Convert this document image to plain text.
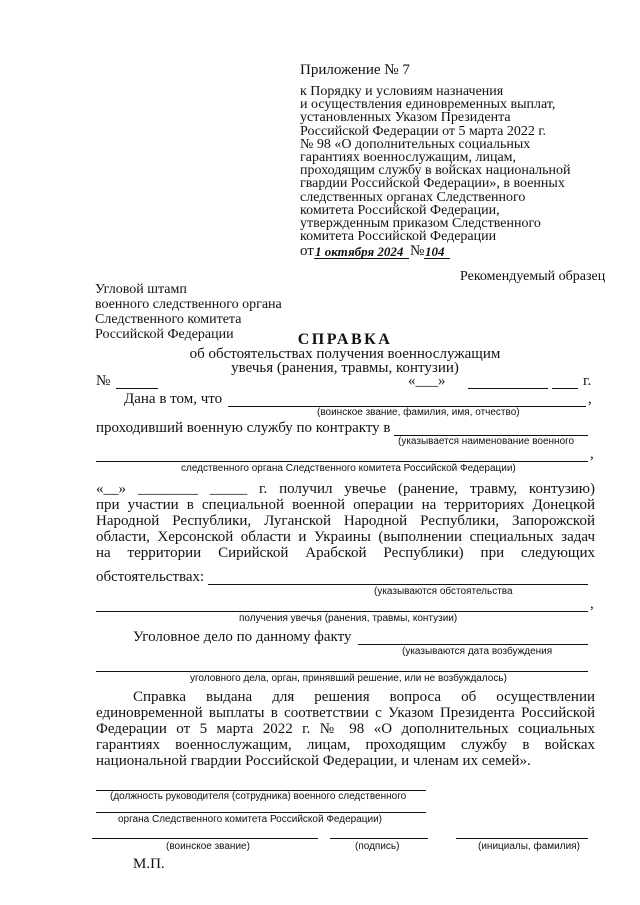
Приложение № 7
к Порядку и условиям назначения
и осуществления единовременных выплат,
установленных Указом Президента
Российской Федерации от 5 марта 2022 г.
№ 98 «О дополнительных социальных
гарантиях военнослужащим, лицам,
проходящим службу в войсках национальной
гвардии Российской Федерации», в военных
следственных органах Следственного
комитета Российской Федерации,
утвержденным приказом Следственного
комитета Российской Федерации
от 1 октября 2024 № 104
Рекомендуемый образец
Угловой штамп
военного следственного органа
Следственного комитета
Российской Федерации	СПРАВКА
об обстоятельствах получения военнослужащим
увечья (ранения, травмы, контузии)
№	«___»	г.
Дана в том, что	,
(воинское звание, фамилия, имя, отчество)
проходивший военную службу по контракту в
(указывается наименование военного
,
следственного органа Следственного комитета Российской Федерации)
«__» ________ _____ г. получил увечье (ранение, травму, контузию)
при участии в специальной военной операции на территориях Донецкой
Народной Республики, Луганской Народной Республики, Запорожской
области, Херсонской области и Украины (выполнении специальных задач
на территории Сирийской Арабской Республики) при следующих
обстоятельствах:
(указываются обстоятельства
,
получения увечья (ранения, травмы, контузии)
Уголовное дело по данному факту
(указываются дата возбуждения
уголовного дела, орган, принявший решение, или не возбуждалось)
Справка выдана для решения вопроса об осуществлении
единовременной выплаты в соответствии с Указом Президента Российской
Федерации от 5 марта 2022 г. № 98 «О дополнительных социальных
гарантиях военнослужащим, лицам, проходящим службу в войсках
национальной гвардии Российской Федерации, и членам их семей».
(должность руководителя (сотрудника) военного следственного
органа Следственного комитета Российской Федерации)
(воинское звание)	(подпись)	(инициалы, фамилия)
М.П.
